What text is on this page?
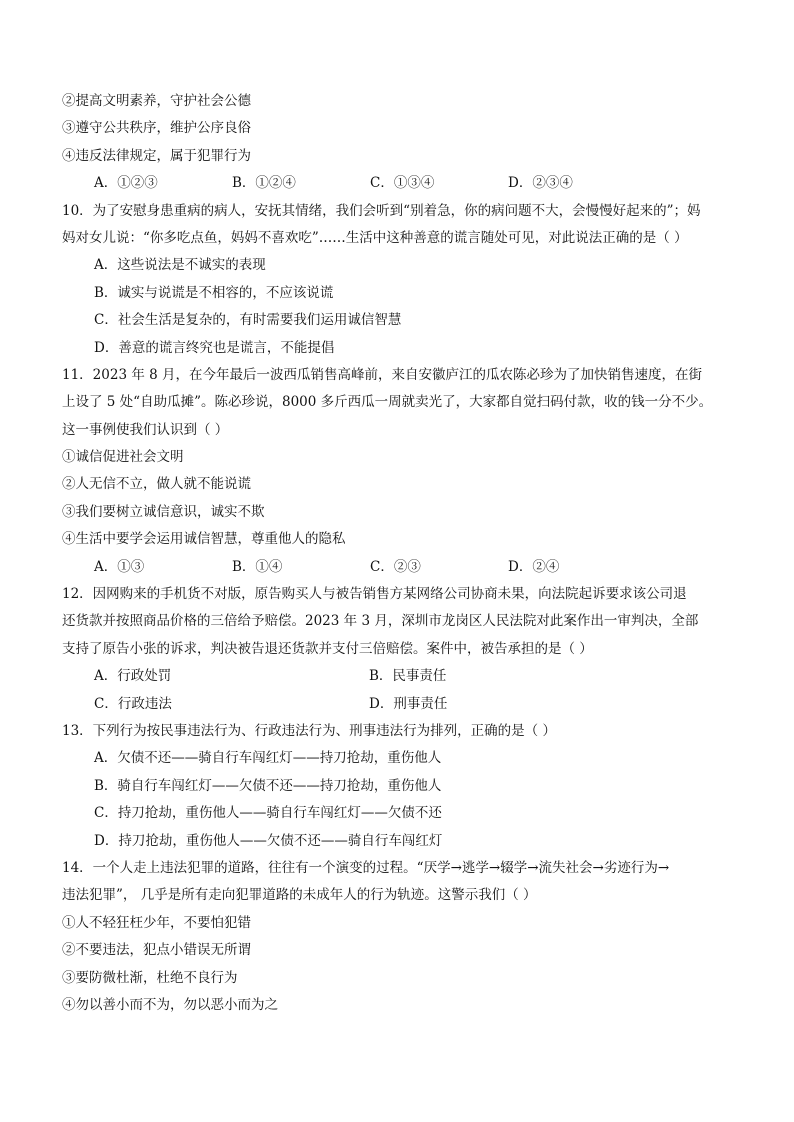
②提高文明素养，守护社会公德
③遵守公共秩序，维护公序良俗
④违反法律规定，属于犯罪行为
A．①②③	B．①②④	C．①③④	D．②③④
10．为了安慰身患重病的病人，安抚其情绪，我们会听到“别着急，你的病问题不大，会慢慢好起来的”；妈
妈对女儿说：“你多吃点鱼，妈妈不喜欢吃”……生活中这种善意的谎言随处可见，对此说法正确的是（ ）
A．这些说法是不诚实的表现
B．诚实与说谎是不相容的，不应该说谎
C．社会生活是复杂的，有时需要我们运用诚信智慧
D．善意的谎言终究也是谎言，不能提倡
11．2023 年 8 月，在今年最后一波西瓜销售高峰前，来自安徽庐江的瓜农陈必珍为了加快销售速度，在街
上设了 5 处“自助瓜摊”。陈必珍说，8000 多斤西瓜一周就卖光了，大家都自觉扫码付款，收的钱一分不少。
这一事例使我们认识到（ ）
①诚信促进社会文明
②人无信不立，做人就不能说谎
③我们要树立诚信意识，诚实不欺
④生活中要学会运用诚信智慧，尊重他人的隐私
A．①③	B．①④	C．②③	D．②④
12．因网购来的手机货不对版，原告购买人与被告销售方某网络公司协商未果，向法院起诉要求该公司退
还货款并按照商品价格的三倍给予赔偿。2023 年 3 月，深圳市龙岗区人民法院对此案作出一审判决，全部
支持了原告小张的诉求，判决被告退还货款并支付三倍赔偿。案件中，被告承担的是（ ）
A．行政处罚	B．民事责任
C．行政违法	D．刑事责任
13．下列行为按民事违法行为、行政违法行为、刑事违法行为排列，正确的是（ ）
A．欠债不还——骑自行车闯红灯——持刀抢劫，重伤他人
B．骑自行车闯红灯——欠债不还——持刀抢劫，重伤他人
C．持刀抢劫，重伤他人——骑自行车闯红灯——欠债不还
D．持刀抢劫，重伤他人——欠债不还——骑自行车闯红灯
14．一个人走上违法犯罪的道路，往往有一个演变的过程。“厌学→逃学→辍学→流失社会→劣迹行为→
违法犯罪”， 几乎是所有走向犯罪道路的未成年人的行为轨迹。这警示我们（ ）
①人不轻狂枉少年，不要怕犯错
②不要违法，犯点小错误无所谓
③要防微杜渐，杜绝不良行为
④勿以善小而不为，勿以恶小而为之
